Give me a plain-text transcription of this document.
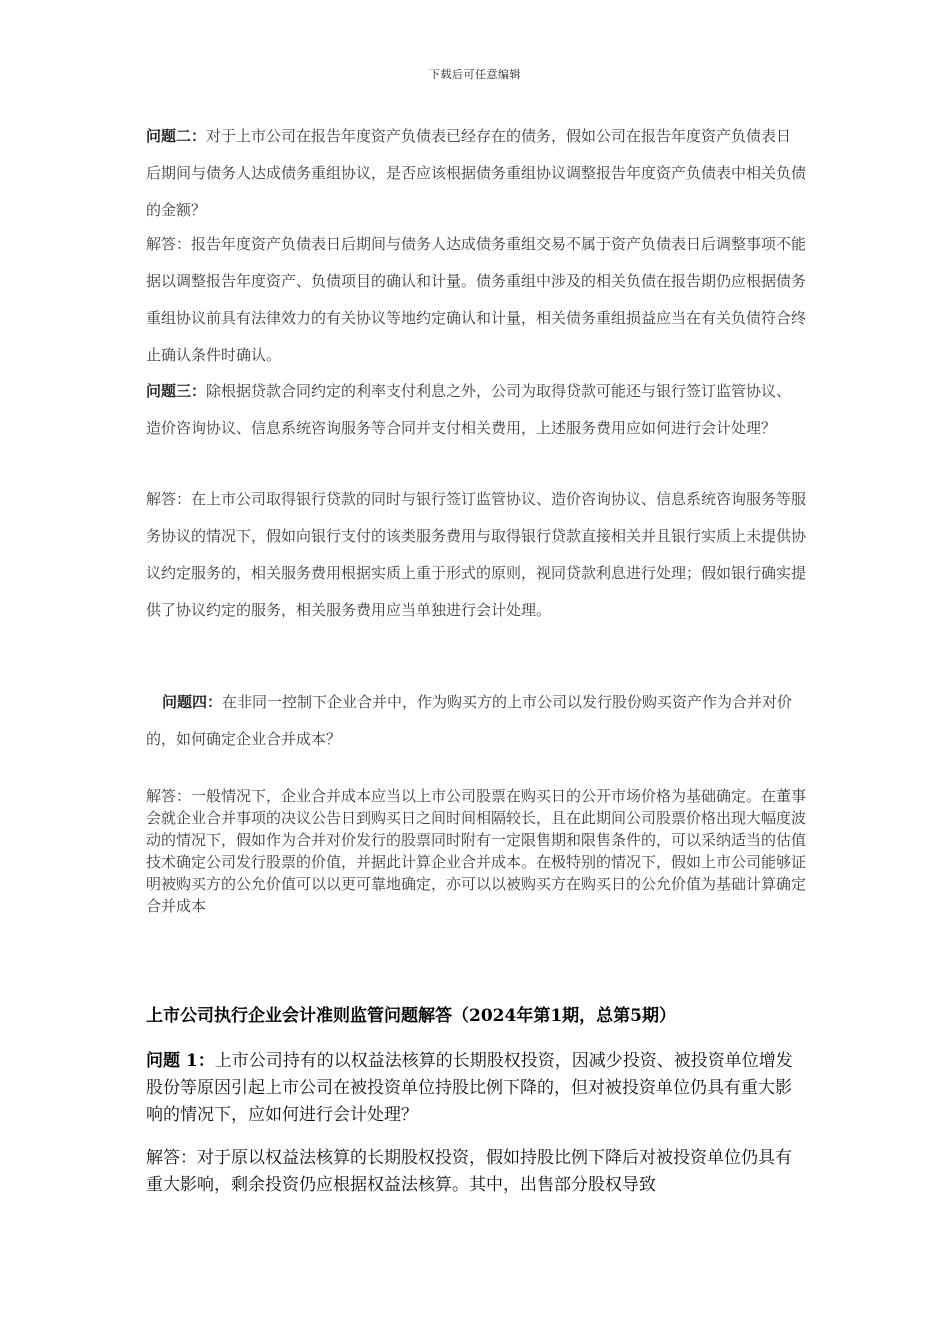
下载后可任意编辑

问题二：对于上市公司在报告年度资产负债表已经存在的债务，假如公司在报告年度资产负债表日后期间与债务人达成债务重组协议，是否应该根据债务重组协议调整报告年度资产负债表中相关负债的金额？

解答：报告年度资产负债表日后期间与债务人达成债务重组交易不属于资产负债表日后调整事项不能据以调整报告年度资产、负债项目的确认和计量。债务重组中涉及的相关负债在报告期仍应根据债务重组协议前具有法律效力的有关协议等地约定确认和计量，相关债务重组损益应当在有关负债符合终止确认条件时确认。

问题三：除根据贷款合同约定的利率支付利息之外，公司为取得贷款可能还与银行签订监管协议、造价咨询协议、信息系统咨询服务等合同并支付相关费用，上述服务费用应如何进行会计处理？

解答：在上市公司取得银行贷款的同时与银行签订监管协议、造价咨询协议、信息系统咨询服务等服务协议的情况下，假如向银行支付的该类服务费用与取得银行贷款直接相关并且银行实质上未提供协议约定服务的，相关服务费用根据实质上重于形式的原则，视同贷款利息进行处理；假如银行确实提供了协议约定的服务，相关服务费用应当单独进行会计处理。

问题四：在非同一控制下企业合并中，作为购买方的上市公司以发行股份购买资产作为合并对价的，如何确定企业合并成本？

解答：一般情况下，企业合并成本应当以上市公司股票在购买日的公开市场价格为基础确定。在董事会就企业合并事项的决议公告日到购买日之间时间相隔较长，且在此期间公司股票价格出现大幅度波动的情况下，假如作为合并对价发行的股票同时附有一定限售期和限售条件的，可以采纳适当的估值技术确定公司发行股票的价值，并据此计算企业合并成本。在极特别的情况下，假如上市公司能够证明被购买方的公允价值可以以更可靠地确定，亦可以以被购买方在购买日的公允价值为基础计算确定合并成本

上市公司执行企业会计准则监管问题解答（2024年第1期，总第5期）

问题 1：上市公司持有的以权益法核算的长期股权投资，因减少投资、被投资单位增发股份等原因引起上市公司在被投资单位持股比例下降的，但对被投资单位仍具有重大影响的情况下，应如何进行会计处理？

解答：对于原以权益法核算的长期股权投资，假如持股比例下降后对被投资单位仍具有重大影响，剩余投资仍应根据权益法核算。其中，出售部分股权导致
